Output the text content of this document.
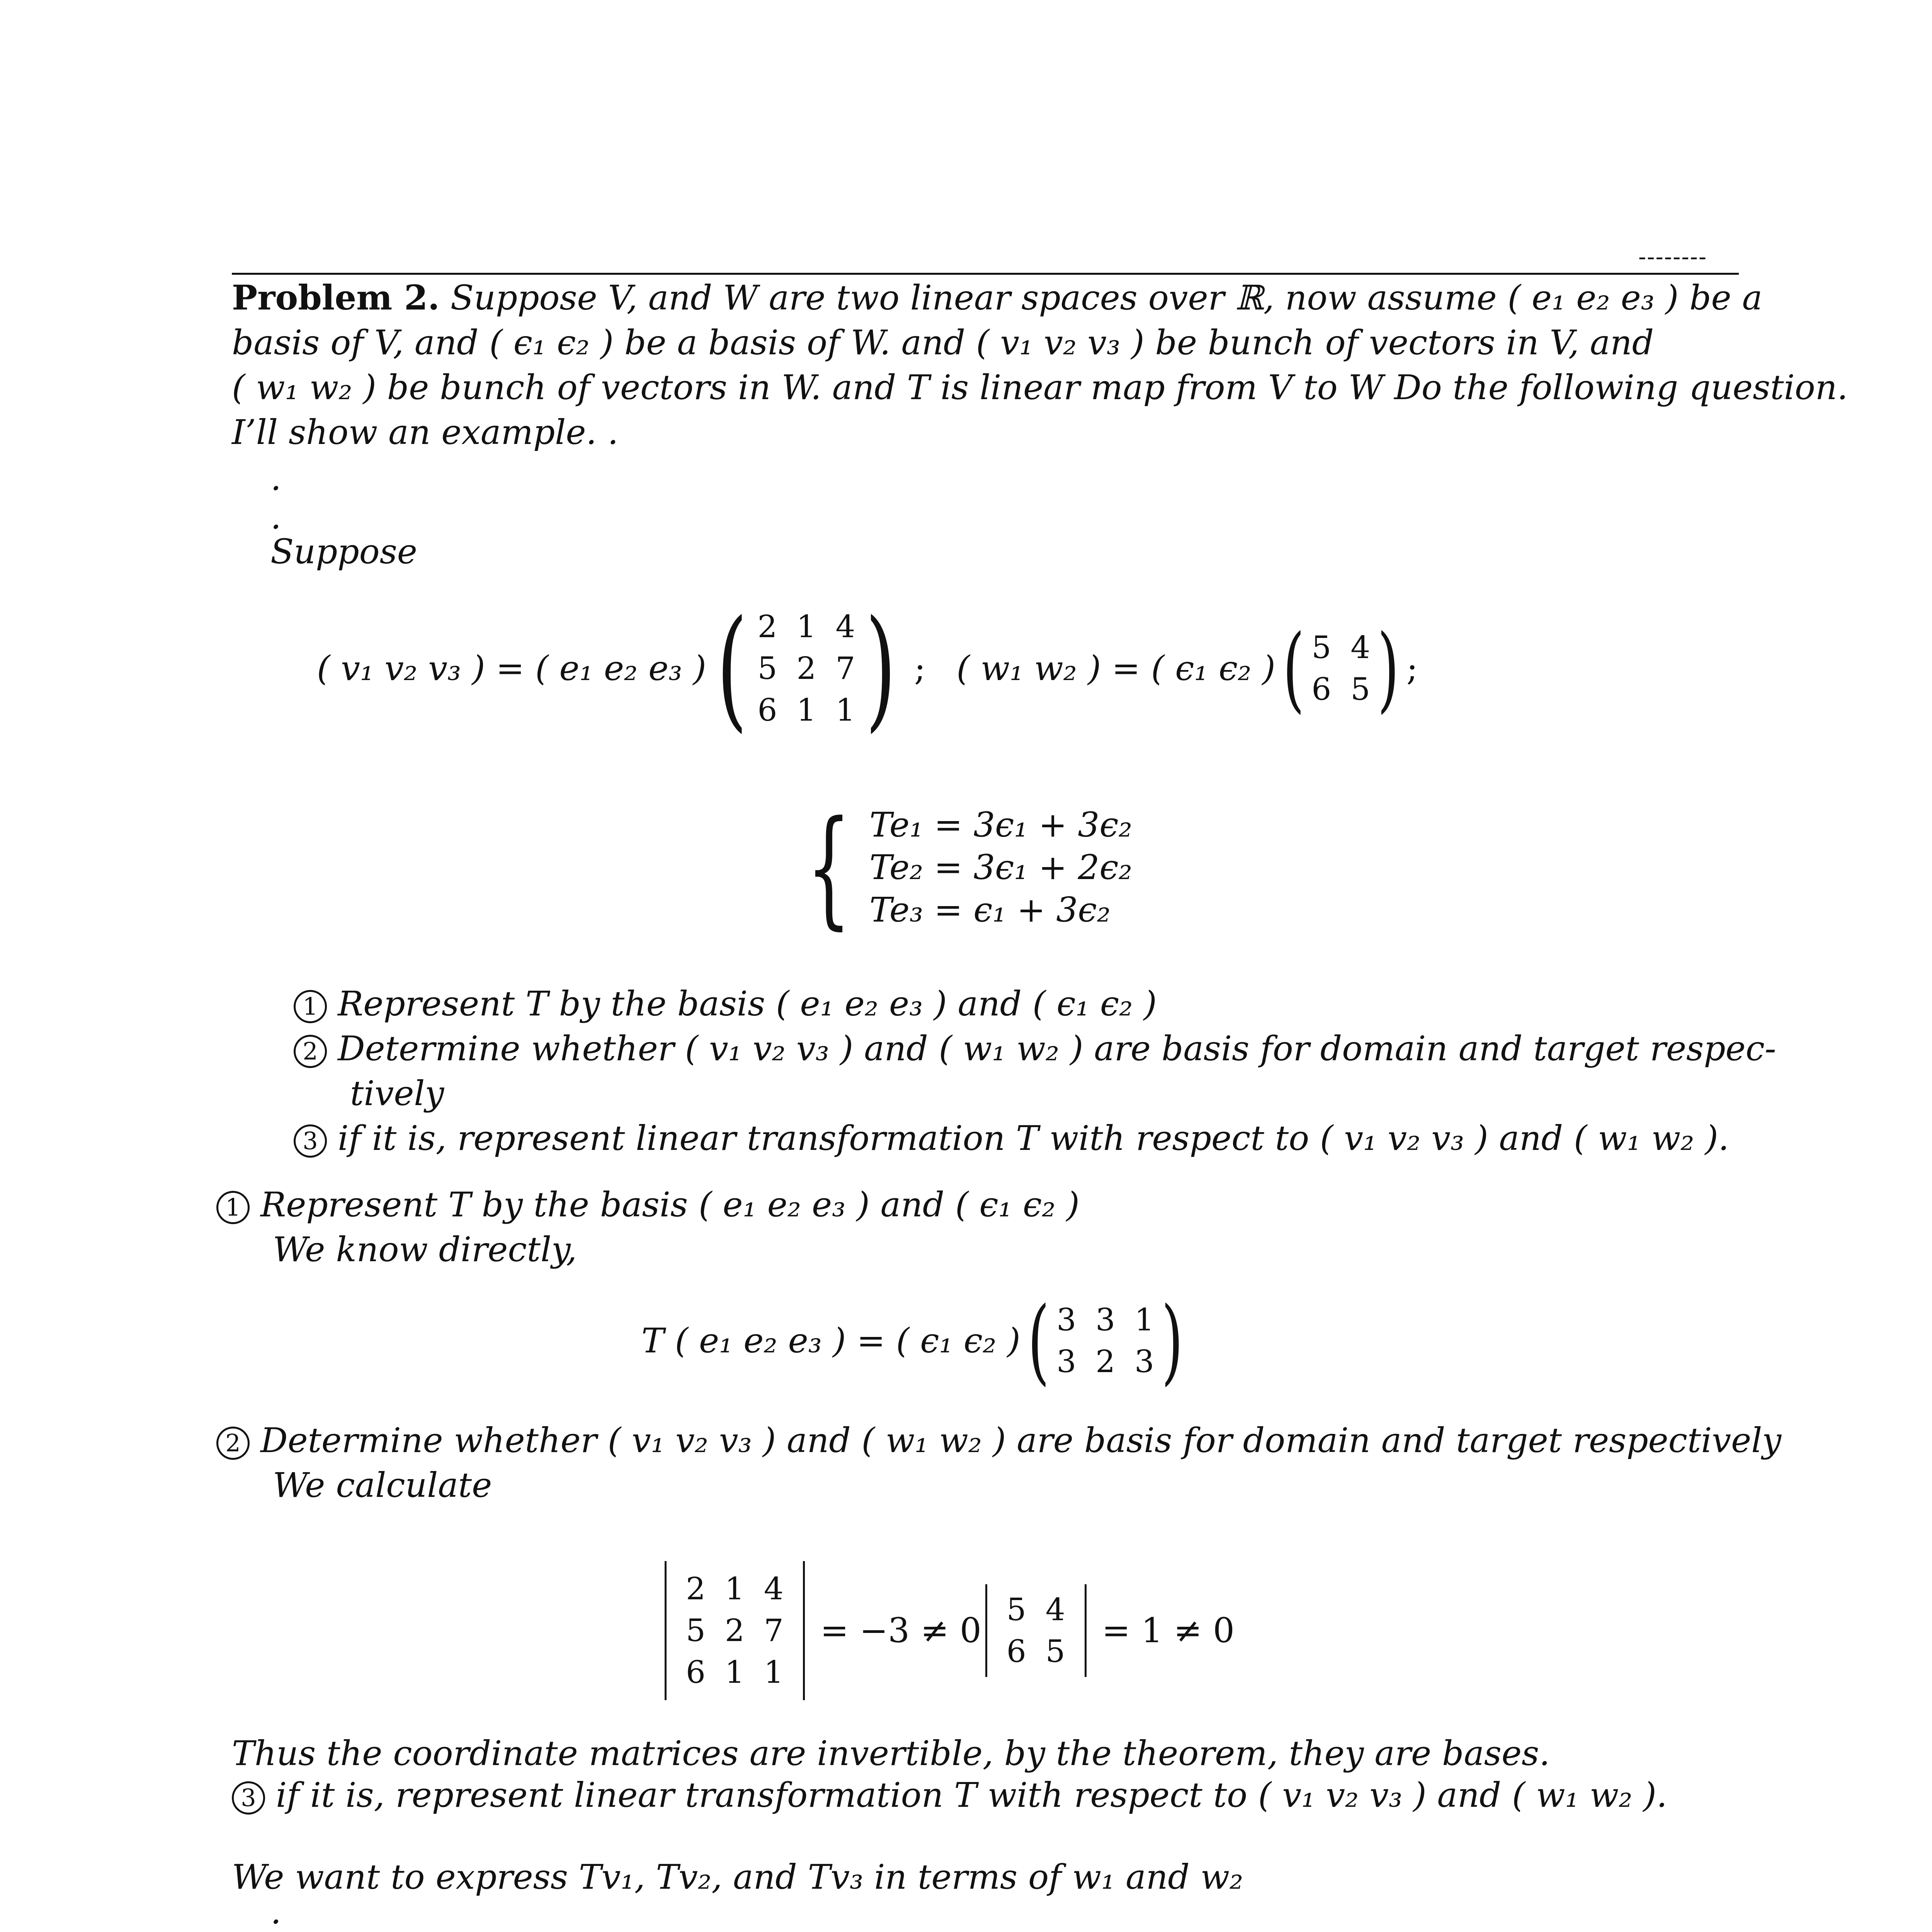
--------
Problem 2. Suppose V, and W are two linear spaces over ℝ, now assume ( e₁ e₂ e₃ ) be a
basis of V, and ( ϵ₁ ϵ₂ ) be a basis of W. and ( v₁ v₂ v₃ ) be bunch of vectors in V, and
( w₁ w₂ ) be bunch of vectors in W. and T is linear map from V to W Do the following question.
I’ll show an example. .
.
.
Suppose
( v₁ v₂ v₃ ) = ( e₁ e₂ e₃ ) ( 2 1 4
5 2 7
6 1 1 ) ; ( w₁ w₂ ) = ( ϵ₁ ϵ₂ ) ( 5 4
6 5 ) ;
{ Te₁ = 3ϵ₁ + 3ϵ₂
Te₂ = 3ϵ₁ + 2ϵ₂
Te₃ = ϵ₁ + 3ϵ₂
1 Represent T by the basis ( e₁ e₂ e₃ ) and ( ϵ₁ ϵ₂ )
2 Determine whether ( v₁ v₂ v₃ ) and ( w₁ w₂ ) are basis for domain and target respec-
tively
3 if it is, represent linear transformation T with respect to ( v₁ v₂ v₃ ) and ( w₁ w₂ ).
1 Represent T by the basis ( e₁ e₂ e₃ ) and ( ϵ₁ ϵ₂ )
We know directly,
T ( e₁ e₂ e₃ ) = ( ϵ₁ ϵ₂ ) ( 3 3 1
3 2 3 )
2 Determine whether ( v₁ v₂ v₃ ) and ( w₁ w₂ ) are basis for domain and target respectively
We calculate
2 1 4
5 2 7
6 1 1
= −3 ≠ 0
5 4
6 5
= 1 ≠ 0
Thus the coordinate matrices are invertible, by the theorem, they are bases.
3 if it is, represent linear transformation T with respect to ( v₁ v₂ v₃ ) and ( w₁ w₂ ).
We want to express Tv₁, Tv₂, and Tv₃ in terms of w₁ and w₂
.
